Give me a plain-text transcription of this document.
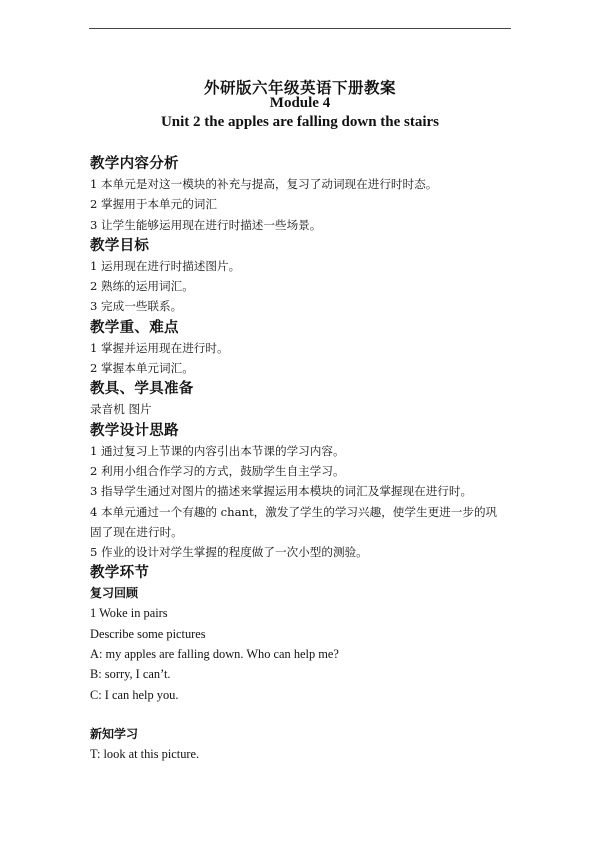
外研版六年级英语下册教案
Module 4
Unit 2 the apples are falling down the stairs
教学内容分析
1 本单元是对这一模块的补充与提高，复习了动词现在进行时时态。
2 掌握用于本单元的词汇
3 让学生能够运用现在进行时描述一些场景。
教学目标
1 运用现在进行时描述图片。
2 熟练的运用词汇。
3 完成一些联系。
教学重、难点
1 掌握并运用现在进行时。
2 掌握本单元词汇。
教具、学具准备
录音机 图片
教学设计思路
1 通过复习上节课的内容引出本节课的学习内容。
2 利用小组合作学习的方式，鼓励学生自主学习。
3 指导学生通过对图片的描述来掌握运用本模块的词汇及掌握现在进行时。
4 本单元通过一个有趣的 chant，激发了学生的学习兴趣，使学生更进一步的巩
固了现在进行时。
5 作业的设计对学生掌握的程度做了一次小型的测验。
教学环节
复习回顾
1 Woke in pairs
Describe some pictures
A: my apples are falling down. Who can help me?
B: sorry, I can’t.
C: I can help you.
新知学习
T: look at this picture.
